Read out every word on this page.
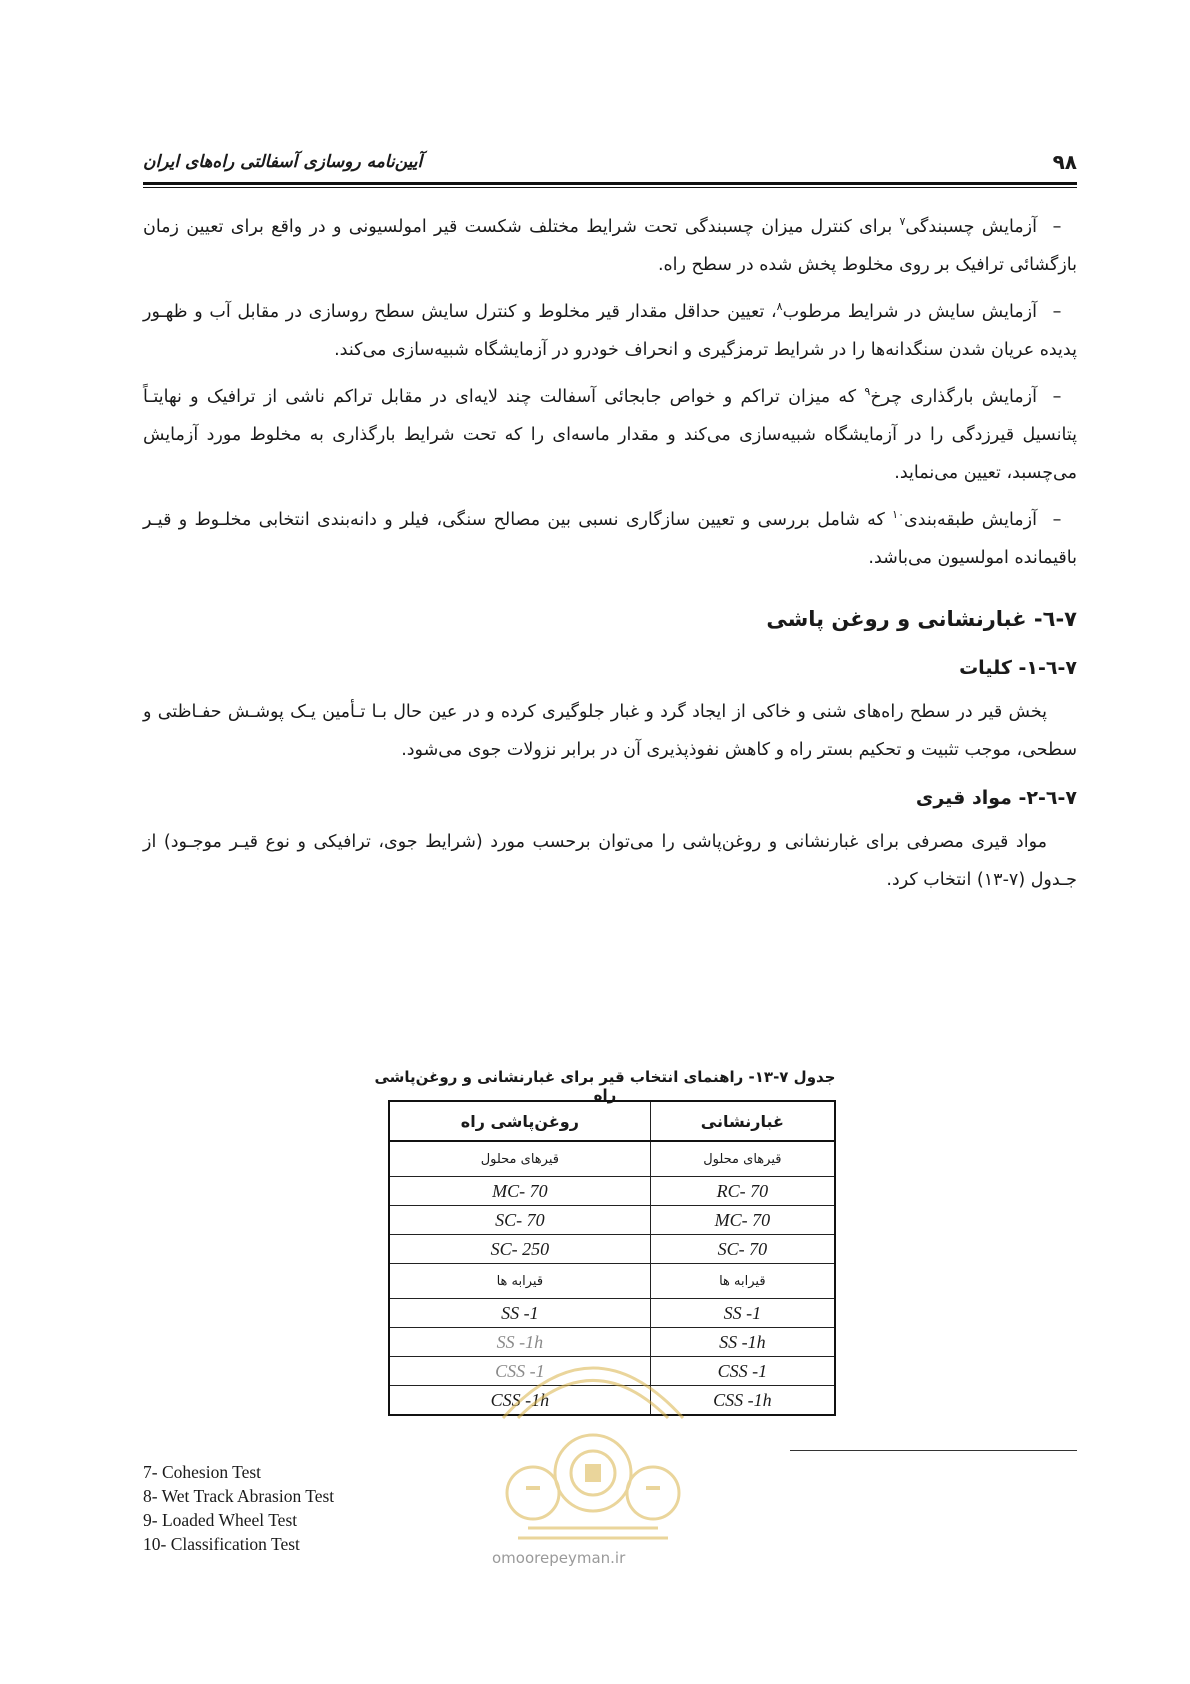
۹۸
آیین‌نامه روسازی آسفالتی راه‌های ایران

–آزمایش چسبندگی$^۷$ برای کنترل میزان چسبندگی تحت شرایط مختلف شکست قیر امولسیونی و در واقع برای تعیین زمان بازگشائی ترافیک بر روی مخلوط پخش شده در سطح راه.

–آزمایش سایش در شرایط مرطوب$^۸$، تعیین حداقل مقدار قیر مخلوط و کنترل سایش سطح روسازی در مقابل آب و ظهـور پدیده عریان شدن سنگدانه‌ها را در شرایط ترمزگیری و انحراف خودرو در آزمایشگاه شبیه‌سازی می‌کند.

–آزمایش بارگذاری چرخ$^۹$ که میزان تراکم و خواص جابجائی آسفالت چند لایه‌ای در مقابل تراکم ناشی از ترافیک و نهایتـاً پتانسیل قیرزدگی را در آزمایشگاه شبیه‌سازی می‌کند و مقدار ماسه‌ای را که تحت شرایط بارگذاری به مخلوط مورد آزمایش می‌چسبد، تعیین می‌نماید.

–آزمایش طبقه‌بندی$^{۱۰}$ که شامل بررسی و تعیین سازگاری نسبی بین مصالح سنگی، فیلر و دانه‌بندی انتخابی مخلـوط و قیـر باقیمانده امولسیون می‌باشد.

۷-٦- غبارنشانی و روغن پاشی
۷-٦-۱- کلیات

پخش قیر در سطح راه‌های شنی و خاکی از ایجاد گرد و غبار جلوگیری کرده و در عین حال بـا تـأمین یـک پوشـش حفـاظتی و سطحی، موجب تثبیت و تحکیم بستر راه و کاهش نفوذپذیری آن در برابر نزولات جوی می‌شود.

۷-٦-۲- مواد قیری

مواد قیری مصرفی برای غبارنشانی و روغن‌پاشی را می‌توان برحسب مورد (شرایط جوی، ترافیکی و نوع قیـر موجـود) از جـدول (۷-۱۳) انتخاب کرد.

جدول ۷-۱۳- راهنمای انتخاب قیر برای غبارنشانی و روغن‌پاشی راه
غبارنشانی	روغن‌پاشی راه
قیرهای محلول	قیرهای محلول
RC- 70	MC- 70
MC- 70	SC- 70
SC- 70	SC- 250
قیرابه ها	قیرابه ها
SS -1	SS -1
SS -1h	SS -1h
CSS -1	CSS -1
CSS -1h	CSS -1h
omoorepeyman.ir
7- Cohesion Test
8- Wet Track Abrasion Test
9- Loaded Wheel Test
10- Classification Test
